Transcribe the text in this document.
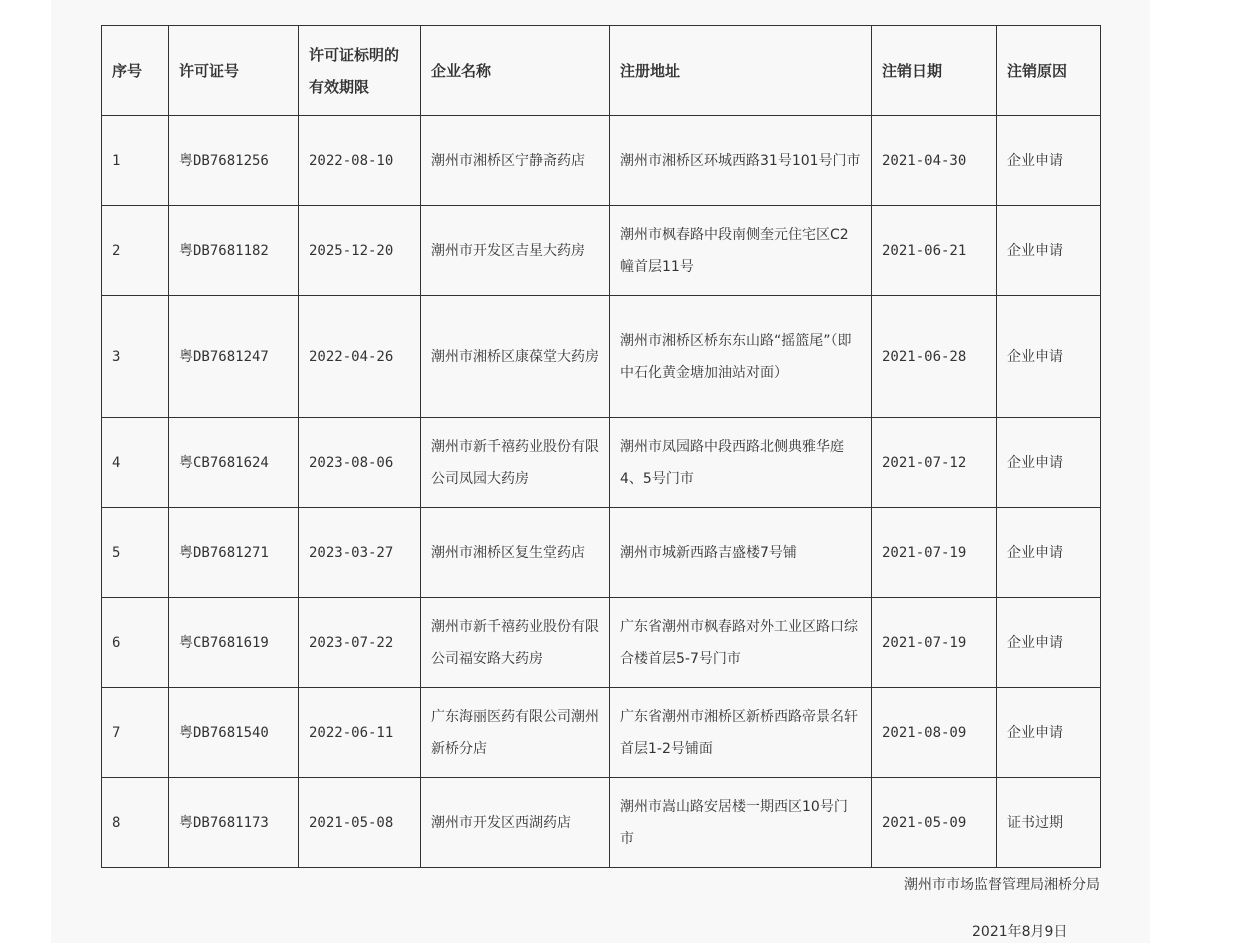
序号	许可证号	许可证标明的有效期限	企业名称	注册地址	注销日期	注销原因
1	粤DB7681256	2022-08-10	潮州市湘桥区宁静斋药店	潮州市湘桥区环城西路31号101号门市	2021-04-30	企业申请
2	粤DB7681182	2025-12-20	潮州市开发区吉星大药房	潮州市枫春路中段南侧奎元住宅区C2幢首层11号	2021-06-21	企业申请
3	粤DB7681247	2022-04-26	潮州市湘桥区康葆堂大药房	潮州市湘桥区桥东东山路“摇篮尾”（即中石化黄金塘加油站对面）	2021-06-28	企业申请
4	粤CB7681624	2023-08-06	潮州市新千禧药业股份有限公司凤园大药房	潮州市凤园路中段西路北侧典雅华庭4、5号门市	2021-07-12	企业申请
5	粤DB7681271	2023-03-27	潮州市湘桥区复生堂药店	潮州市城新西路吉盛楼7号铺	2021-07-19	企业申请
6	粤CB7681619	2023-07-22	潮州市新千禧药业股份有限公司福安路大药房	广东省潮州市枫春路对外工业区路口综合楼首层5-7号门市	2021-07-19	企业申请
7	粤DB7681540	2022-06-11	广东海丽医药有限公司潮州新桥分店	广东省潮州市湘桥区新桥西路帝景名轩首层1-2号铺面	2021-08-09	企业申请
8	粤DB7681173	2021-05-08	潮州市开发区西湖药店	潮州市嵩山路安居楼一期西区10号门市	2021-05-09	证书过期
潮州市市场监督管理局湘桥分局
2021年8月9日
